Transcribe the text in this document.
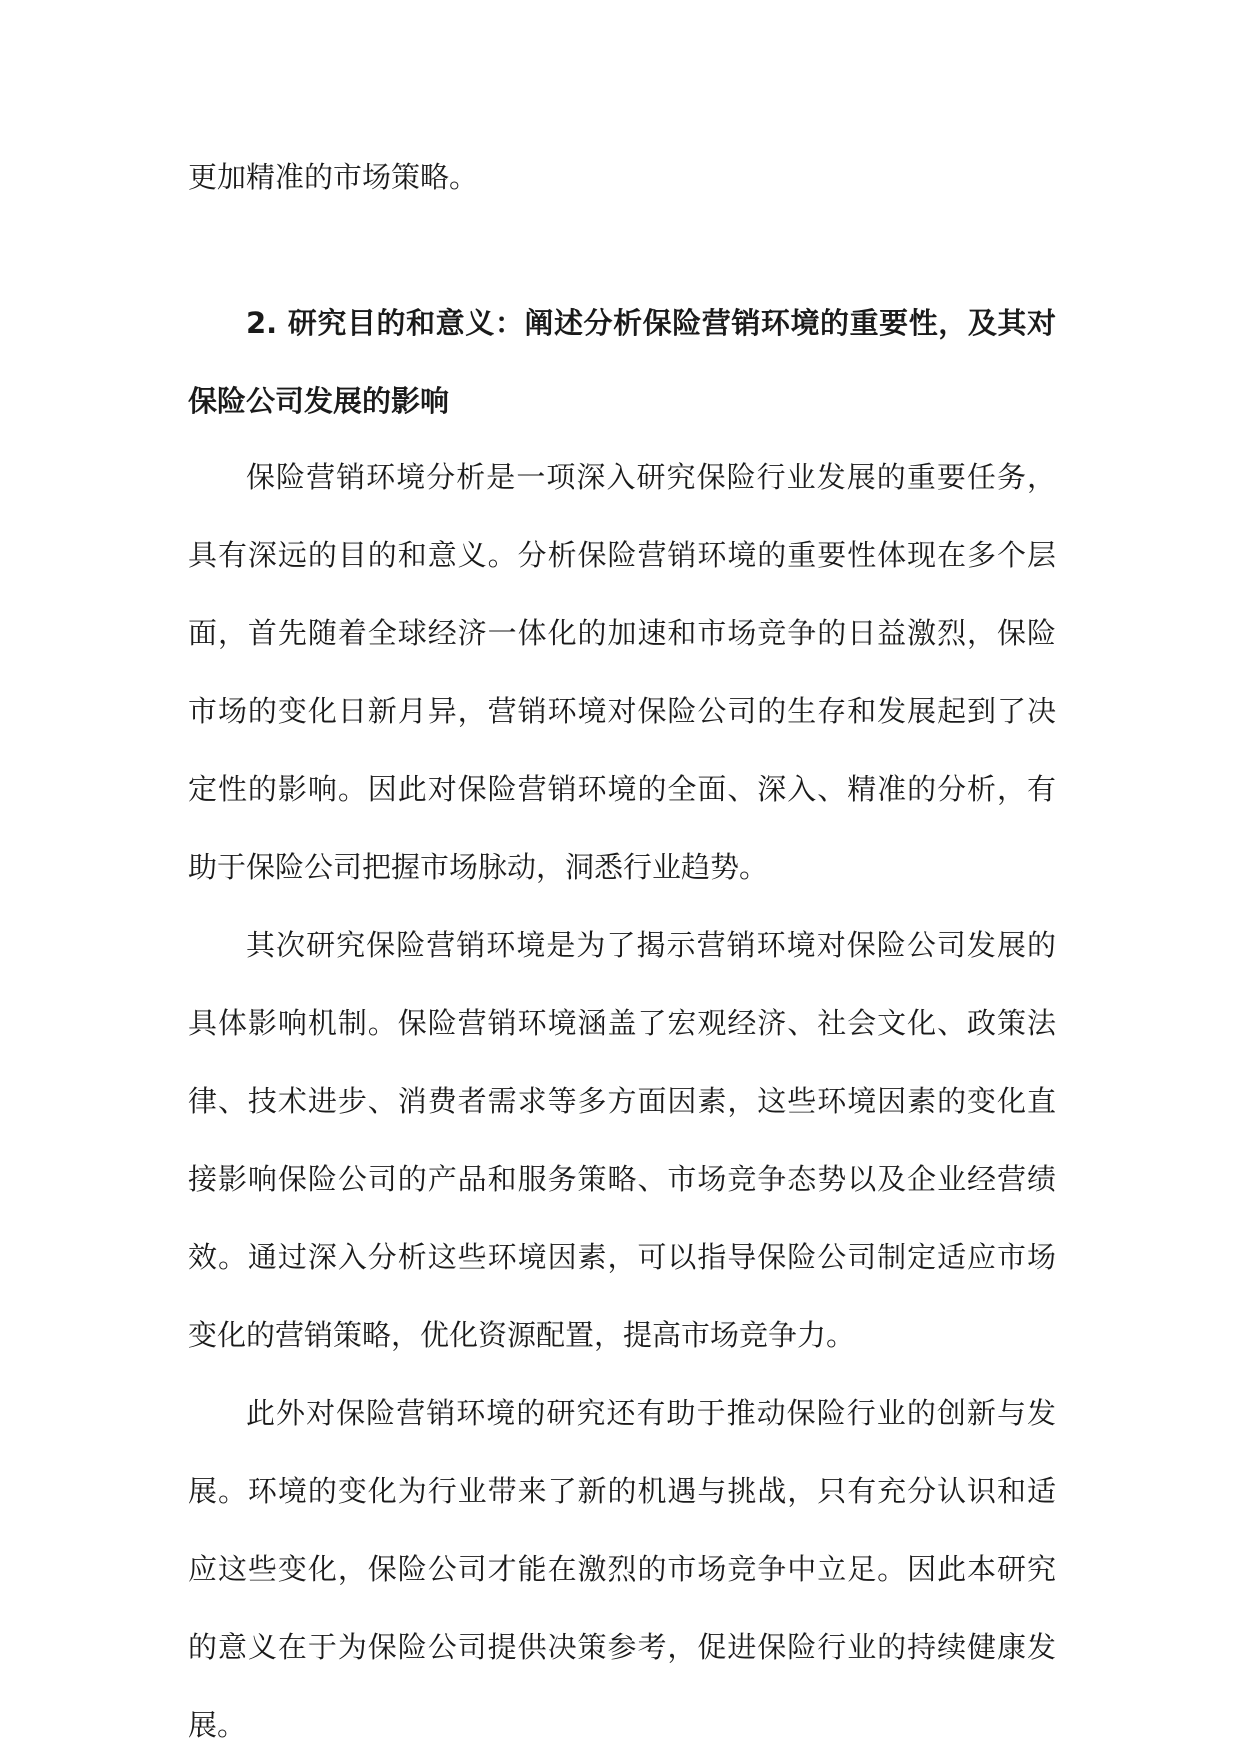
更加精准的市场策略。

2. 研究目的和意义：阐述分析保险营销环境的重要性，及其对保险公司发展的影响

保险营销环境分析是一项深入研究保险行业发展的重要任务，具有深远的目的和意义。分析保险营销环境的重要性体现在多个层面，首先随着全球经济一体化的加速和市场竞争的日益激烈，保险市场的变化日新月异，营销环境对保险公司的生存和发展起到了决定性的影响。因此对保险营销环境的全面、深入、精准的分析，有助于保险公司把握市场脉动，洞悉行业趋势。

其次研究保险营销环境是为了揭示营销环境对保险公司发展的具体影响机制。保险营销环境涵盖了宏观经济、社会文化、政策法律、技术进步、消费者需求等多方面因素，这些环境因素的变化直接影响保险公司的产品和服务策略、市场竞争态势以及企业经营绩效。通过深入分析这些环境因素，可以指导保险公司制定适应市场变化的营销策略，优化资源配置，提高市场竞争力。

此外对保险营销环境的研究还有助于推动保险行业的创新与发展。环境的变化为行业带来了新的机遇与挑战，只有充分认识和适应这些变化，保险公司才能在激烈的市场竞争中立足。因此本研究的意义在于为保险公司提供决策参考，促进保险行业的持续健康发展。
